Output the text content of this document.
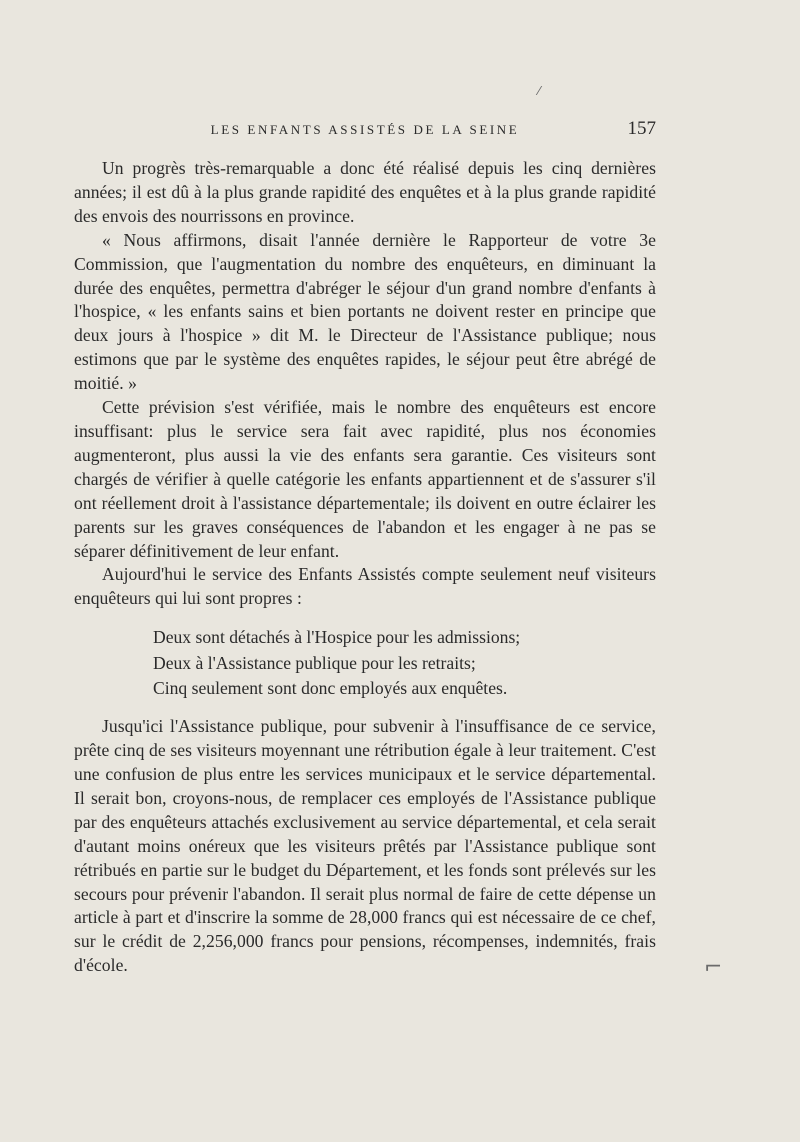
LES ENFANTS ASSISTÉS DE LA SEINE	157

Un progrès très-remarquable a donc été réalisé depuis les cinq dernières années; il est dû à la plus grande rapidité des enquêtes et à la plus grande rapidité des envois des nourrissons en province.

« Nous affirmons, disait l'année dernière le Rapporteur de votre 3e Commission, que l'augmentation du nombre des enquêteurs, en diminuant la durée des enquêtes, permettra d'abréger le séjour d'un grand nombre d'enfants à l'hospice, « les enfants sains et bien portants ne doivent rester en principe que deux jours à l'hospice » dit M. le Directeur de l'Assistance publique; nous estimons que par le système des enquêtes rapides, le séjour peut être abrégé de moitié. »

Cette prévision s'est vérifiée, mais le nombre des enquêteurs est encore insuffisant: plus le service sera fait avec rapidité, plus nos économies augmenteront, plus aussi la vie des enfants sera garantie. Ces visiteurs sont chargés de vérifier à quelle catégorie les enfants appartiennent et de s'assurer s'il ont réellement droit à l'assistance départementale; ils doivent en outre éclairer les parents sur les graves conséquences de l'abandon et les engager à ne pas se séparer définitivement de leur enfant.

Aujourd'hui le service des Enfants Assistés compte seulement neuf visiteurs enquêteurs qui lui sont propres :

Deux sont détachés à l'Hospice pour les admissions;
Deux à l'Assistance publique pour les retraits;
Cinq seulement sont donc employés aux enquêtes.

Jusqu'ici l'Assistance publique, pour subvenir à l'insuffisance de ce service, prête cinq de ses visiteurs moyennant une rétribution égale à leur traitement. C'est une confusion de plus entre les services municipaux et le service départemental. Il serait bon, croyons-nous, de remplacer ces employés de l'Assistance publique par des enquêteurs attachés exclusivement au service départemental, et cela serait d'autant moins onéreux que les visiteurs prêtés par l'Assistance publique sont rétribués en partie sur le budget du Département, et les fonds sont prélevés sur les secours pour prévenir l'abandon. Il serait plus normal de faire de cette dépense un article à part et d'inscrire la somme de 28,000 francs qui est nécessaire de ce chef, sur le crédit de 2,256,000 francs pour pensions, récompenses, indemnités, frais d'école.

⁄
⌐
